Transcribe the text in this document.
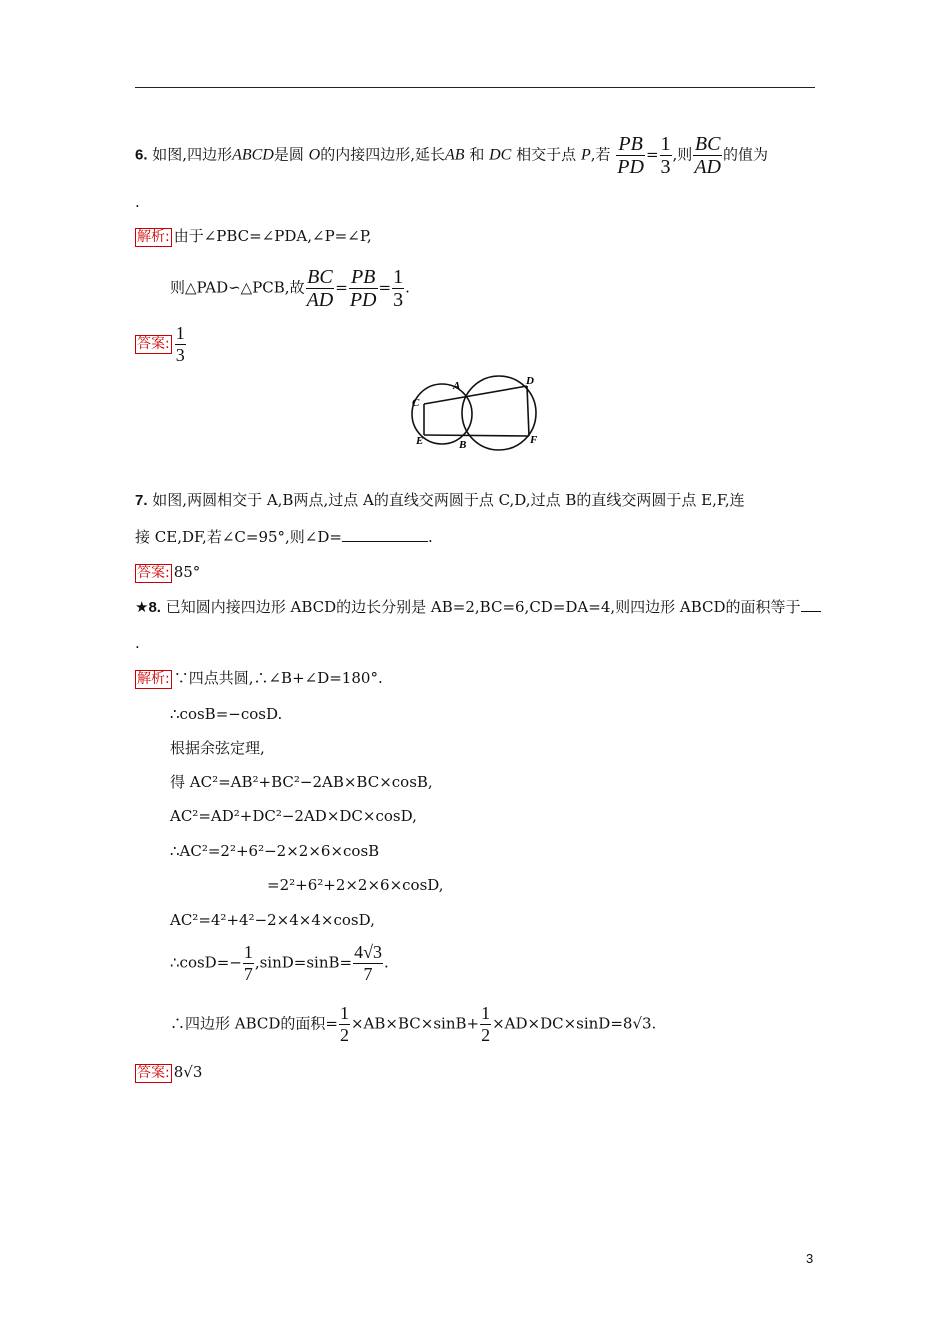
6. 如图,四边形ABCD是圆 O的内接四边形,延长AB 和 DC 相交于点 P,若 $\frac{PB}{PD} = \frac{1}{3}$ ,则 $\frac{BC}{AD}$ 的值为
.
解析: 由于∠PBC=∠PDA,∠P=∠P,
则△PAD∽△PCB,故 $\frac{BC}{AD} = \frac{PB}{PD} = \frac{1}{3}$ .
答案: $\frac{1}{3}$
A
B
C
D
E	F
7. 如图,两圆相交于 A,B两点,过点 A的直线交两圆于点 C,D,过点 B的直线交两圆于点 E,F,连
接 CE,DF,若∠C=95°,则∠D=	.
答案: 85°
★8. 已知圆内接四边形 ABCD的边长分别是 AB=2,BC=6,CD=DA=4,则四边形 ABCD的面积等于
.
解析: ∵四点共圆,∴∠B+∠D=180°.
∴cosB=−cosD.
根据余弦定理,
得 AC²=AB²+BC²−2AB×BC×cosB,
AC²=AD²+DC²−2AD×DC×cosD,
∴AC²=2²+6²−2×2×6×cosB
=2²+6²+2×2×6×cosD,
AC²=4²+4²−2×4×4×cosD,
∴cosD=− $\frac{1}{7} ,\sin D=\sin B= \frac{4√3}{7}$ .
∴四边形 ABCD的面积= $\frac{1}{2} \times AB\times BC\times\sin B+ \frac{1}{2} \times AD\times DC\times\sin D=8√3$.
答案: 8√3
3
